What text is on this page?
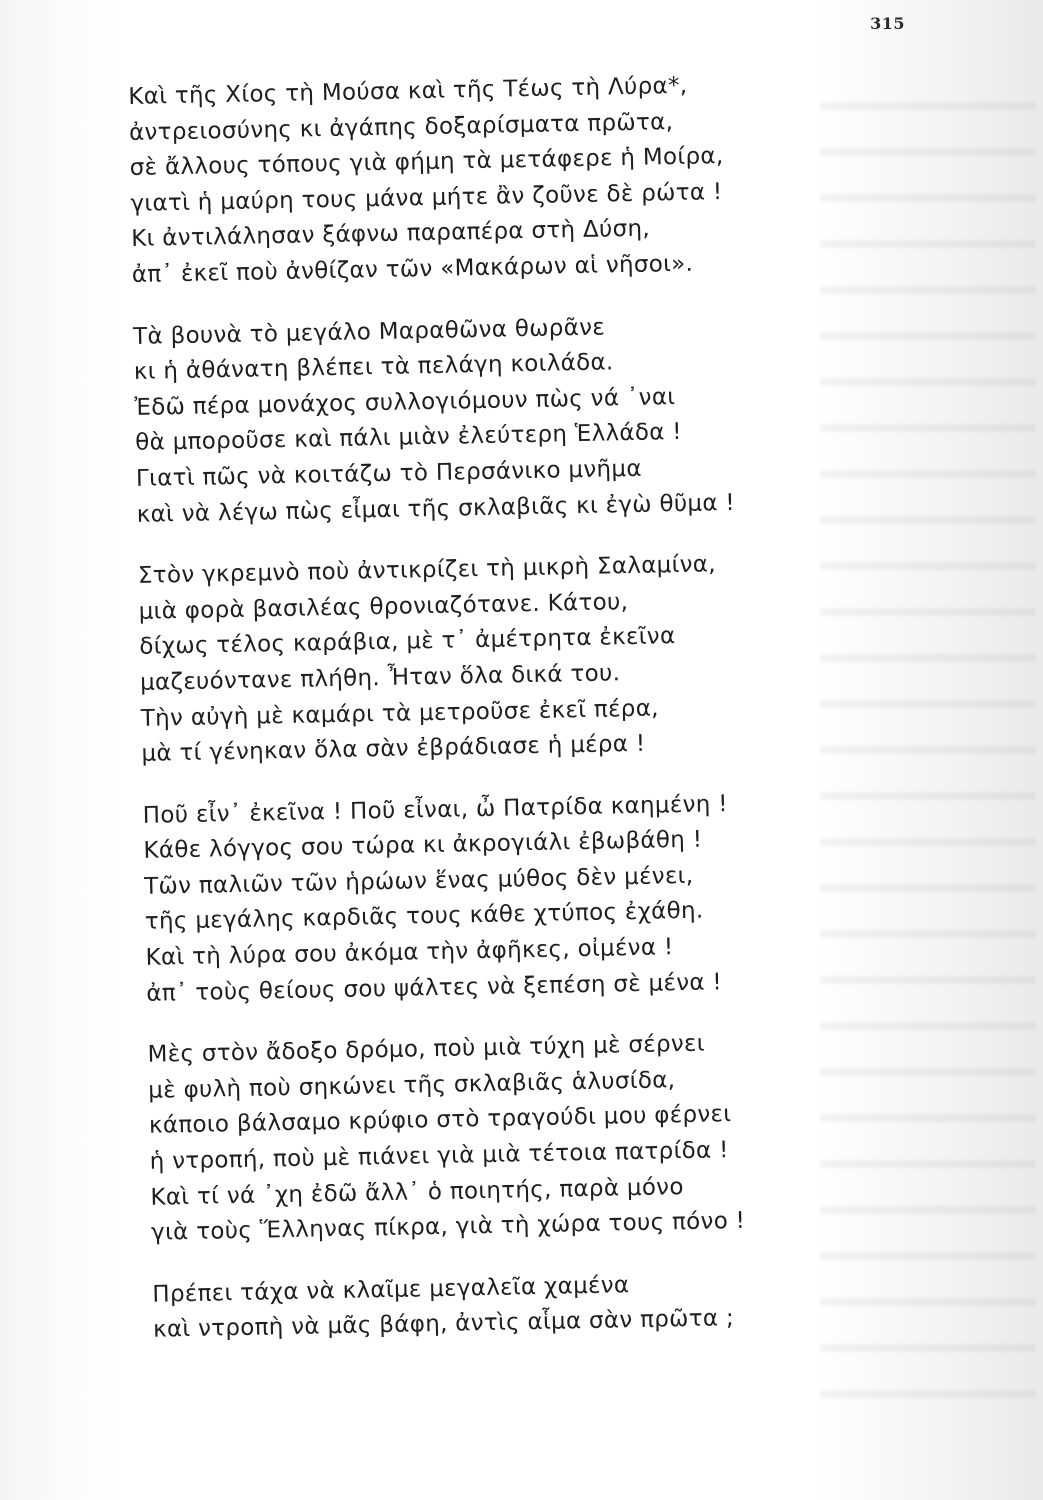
315
Καὶ τῆς Χίος τὴ Μούσα καὶ τῆς Τέως τὴ Λύρα*,
ἀντρειοσύνης κι ἀγάπης δοξαρίσματα πρῶτα,
σὲ ἄλλους τόπους γιὰ φήμη τὰ μετάφερε ἡ Μοίρα,
γιατὶ ἡ μαύρη τους μάνα μήτε ἂν ζοῦνε δὲ ρώτα !
Κι ἀντιλάλησαν ξάφνω παραπέρα στὴ Δύση,
ἀπ᾽ ἐκεῖ ποὺ ἀνθίζαν τῶν «Μακάρων αἱ νῆσοι».
Τὰ βουνὰ τὸ μεγάλο Μαραθῶνα θωρᾶνε
κι ἡ ἀθάνατη βλέπει τὰ πελάγη κοιλάδα.
Ἐδῶ πέρα μονάχος συλλογιόμουν πὼς νά ᾽ναι
θὰ μποροῦσε καὶ πάλι μιὰν ἐλεύτερη Ἑλλάδα !
Γιατὶ πῶς νὰ κοιτάζω τὸ Περσάνικο μνῆμα
καὶ νὰ λέγω πὼς εἶμαι τῆς σκλαβιᾶς κι ἐγὼ θῦμα !
Στὸν γκρεμνὸ ποὺ ἀντικρίζει τὴ μικρὴ Σαλαμίνα,
μιὰ φορὰ βασιλέας θρονιαζότανε. Κάτου,
δίχως τέλος καράβια, μὲ τ᾽ ἀμέτρητα ἐκεῖνα
μαζευόντανε πλήθη. Ἦταν ὅλα δικά του.
Τὴν αὐγὴ μὲ καμάρι τὰ μετροῦσε ἐκεῖ πέρα,
μὰ τί γένηκαν ὅλα σὰν ἐβράδιασε ἡ μέρα !
Ποῦ εἶν᾽ ἐκεῖνα ! Ποῦ εἶναι, ὦ Πατρίδα καημένη !
Κάθε λόγγος σου τώρα κι ἀκρογιάλι ἐβωβάθη !
Τῶν παλιῶν τῶν ἡρώων ἕνας μύθος δὲν μένει,
τῆς μεγάλης καρδιᾶς τους κάθε χτύπος ἐχάθη.
Καὶ τὴ λύρα σου ἀκόμα τὴν ἀφῆκες, οἰμένα !
ἀπ᾽ τοὺς θείους σου ψάλτες νὰ ξεπέση σὲ μένα !
Μὲς στὸν ἄδοξο δρόμο, ποὺ μιὰ τύχη μὲ σέρνει
μὲ φυλὴ ποὺ σηκώνει τῆς σκλαβιᾶς ἁλυσίδα,
κάποιο βάλσαμο κρύφιο στὸ τραγούδι μου φέρνει
ἡ ντροπή, ποὺ μὲ πιάνει γιὰ μιὰ τέτοια πατρίδα !
Καὶ τί νά ᾽χη ἐδῶ ἄλλ᾽ ὁ ποιητής, παρὰ μόνο
γιὰ τοὺς Ἕλληνας πίκρα, γιὰ τὴ χώρα τους πόνο !
Πρέπει τάχα νὰ κλαῖμε μεγαλεῖα χαμένα
καὶ ντροπὴ νὰ μᾶς βάφη, ἀντὶς αἷμα σὰν πρῶτα ;
